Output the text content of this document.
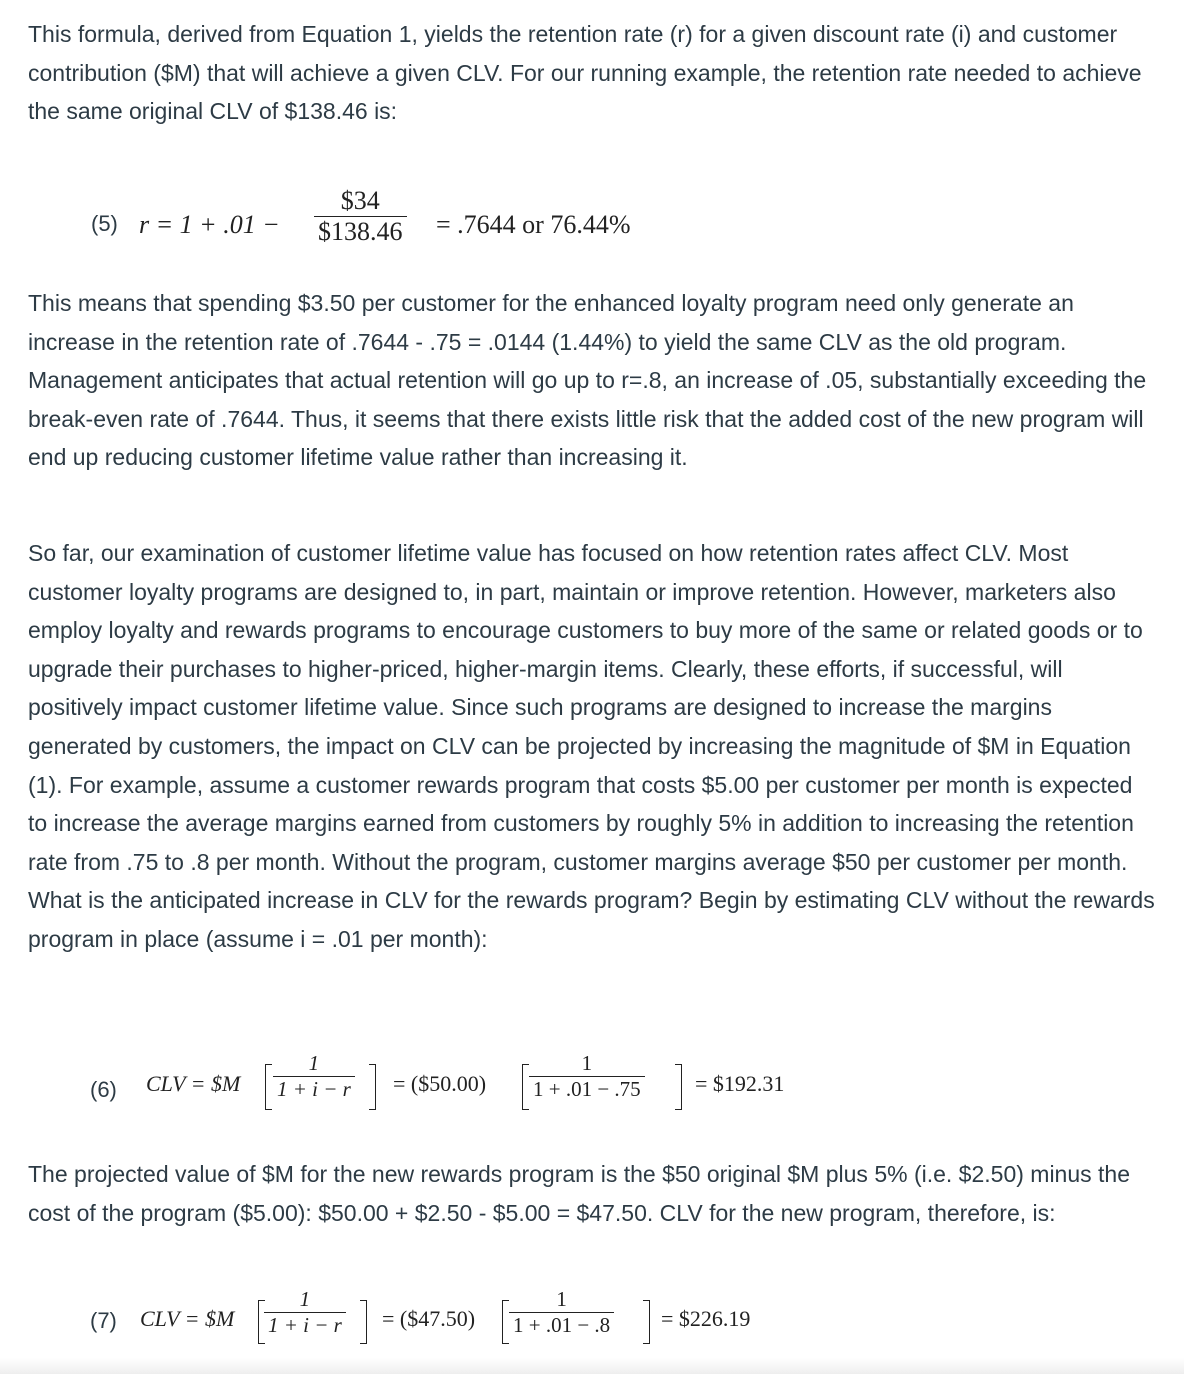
This formula, derived from Equation 1, yields the retention rate (r) for a given discount rate (i) and customer contribution ($M) that will achieve a given CLV. For our running example, the retention rate needed to achieve the same original CLV of $138.46 is:

(5) $r = 1 + .01 - \frac{\$34}{\$138.46} = .7644$ or 76.44%

This means that spending $3.50 per customer for the enhanced loyalty program need only generate an increase in the retention rate of .7644 - .75 = .0144 (1.44%) to yield the same CLV as the old program. Management anticipates that actual retention will go up to r=.8, an increase of .05, substantially exceeding the break-even rate of .7644. Thus, it seems that there exists little risk that the added cost of the new program will end up reducing customer lifetime value rather than increasing it.

So far, our examination of customer lifetime value has focused on how retention rates affect CLV. Most customer loyalty programs are designed to, in part, maintain or improve retention. However, marketers also employ loyalty and rewards programs to encourage customers to buy more of the same or related goods or to upgrade their purchases to higher-priced, higher-margin items. Clearly, these efforts, if successful, will positively impact customer lifetime value. Since such programs are designed to increase the margins generated by customers, the impact on CLV can be projected by increasing the magnitude of $M in Equation (1). For example, assume a customer rewards program that costs $5.00 per customer per month is expected to increase the average margins earned from customers by roughly 5% in addition to increasing the retention rate from .75 to .8 per month. Without the program, customer margins average $50 per customer per month. What is the anticipated increase in CLV for the rewards program? Begin by estimating CLV without the rewards program in place (assume i = .01 per month):

(6) CLV = $M $\frac{1}{1 + i - r}$ = ($50.00) $\frac{1}{1 + .01 - .75}$ = $192.31

The projected value of $M for the new rewards program is the $50 original $M plus 5% (i.e. $2.50) minus the cost of the program ($5.00): $50.00 + $2.50 - $5.00 = $47.50. CLV for the new program, therefore, is:

(7) CLV = $M $\frac{1}{1 + i - r}$ = ($47.50) $\frac{1}{1 + .01 - .8}$ = $226.19
